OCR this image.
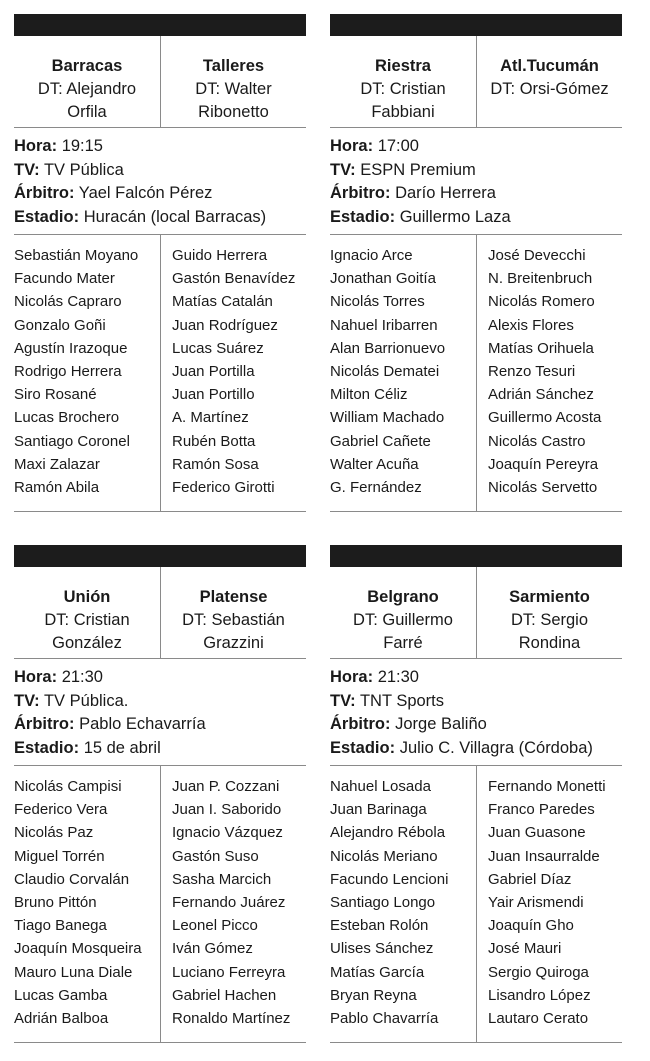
Barracas
DT: Alejandro Orfila
Talleres
DT: Walter Ribonetto
Hora: 19:15
TV: TV Pública
Árbitro: Yael Falcón Pérez
Estadio: Huracán (local Barracas)
Sebastián Moyano
Facundo Mater
Nicolás Capraro
Gonzalo Goñi
Agustín Irazoque
Rodrigo Herrera
Siro Rosané
Lucas Brochero
Santiago Coronel
Maxi Zalazar
Ramón Abila
Guido Herrera
Gastón Benavídez
Matías Catalán
Juan Rodríguez
Lucas Suárez
Juan Portilla
Juan Portillo
A. Martínez
Rubén Botta
Ramón Sosa
Federico Girotti
Riestra
DT: Cristian Fabbiani
Atl.Tucumán
DT: Orsi-Gómez
Hora: 17:00
TV: ESPN Premium
Árbitro: Darío Herrera
Estadio: Guillermo Laza
Ignacio Arce
Jonathan Goitía
Nicolás Torres
Nahuel Iribarren
Alan Barrionuevo
Nicolás Dematei
Milton Céliz
William Machado
Gabriel Cañete
Walter Acuña
G. Fernández
José Devecchi
N. Breitenbruch
Nicolás Romero
Alexis Flores
Matías Orihuela
Renzo Tesuri
Adrián Sánchez
Guillermo Acosta
Nicolás Castro
Joaquín Pereyra
Nicolás Servetto
Unión
DT: Cristian González
Platense
DT: Sebastián Grazzini
Hora: 21:30
TV: TV Pública.
Árbitro: Pablo Echavarría
Estadio: 15 de abril
Nicolás Campisi
Federico Vera
Nicolás Paz
Miguel Torrén
Claudio Corvalán
Bruno Pittón
Tiago Banega
Joaquín Mosqueira
Mauro Luna Diale
Lucas Gamba
Adrián Balboa
Juan P. Cozzani
Juan I. Saborido
Ignacio Vázquez
Gastón Suso
Sasha Marcich
Fernando Juárez
Leonel Picco
Iván Gómez
Luciano Ferreyra
Gabriel Hachen
Ronaldo Martínez
Belgrano
DT: Guillermo Farré
Sarmiento
DT: Sergio Rondina
Hora: 21:30
TV: TNT Sports
Árbitro: Jorge Baliño
Estadio: Julio C. Villagra (Córdoba)
Nahuel Losada
Juan Barinaga
Alejandro Rébola
Nicolás Meriano
Facundo Lencioni
Santiago Longo
Esteban Rolón
Ulises Sánchez
Matías García
Bryan Reyna
Pablo Chavarría
Fernando Monetti
Franco Paredes
Juan Guasone
Juan Insaurralde
Gabriel Díaz
Yair Arismendi
Joaquín Gho
José Mauri
Sergio Quiroga
Lisandro López
Lautaro Cerato
